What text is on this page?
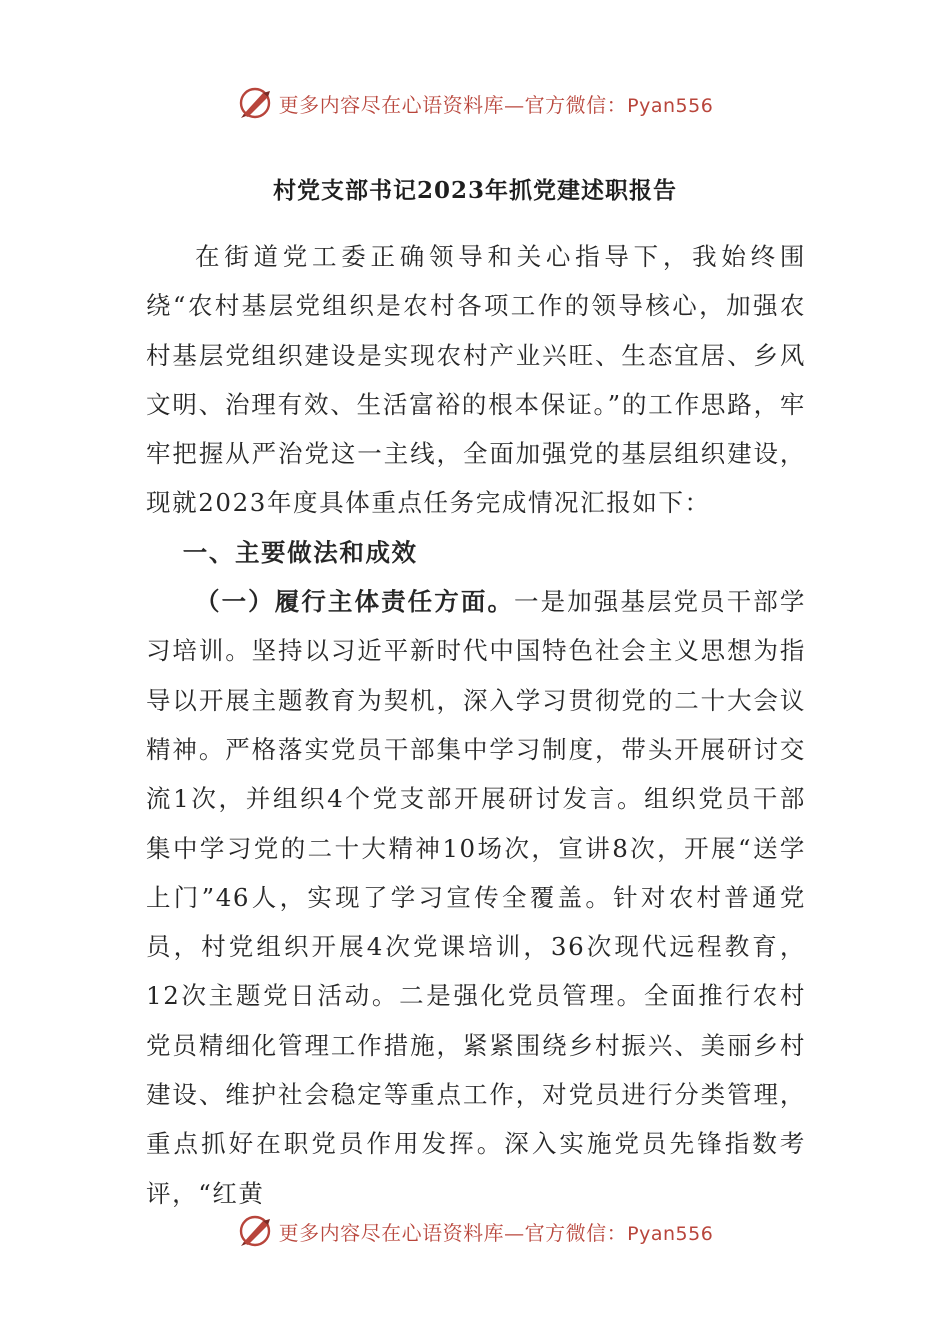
更多内容尽在心语资料库—官方微信：Pyan556
村党支部书记2023年抓党建述职报告

在街道党工委正确领导和关心指导下，我始终围绕“农村基层党组织是农村各项工作的领导核心，加强农村基层党组织建设是实现农村产业兴旺、生态宜居、乡风文明、治理有效、生活富裕的根本保证。”的工作思路，牢牢把握从严治党这一主线，全面加强党的基层组织建设，现就2023年度具体重点任务完成情况汇报如下：

一、主要做法和成效

（一）履行主体责任方面。一是加强基层党员干部学习培训。坚持以习近平新时代中国特色社会主义思想为指导以开展主题教育为契机，深入学习贯彻党的二十大会议精神。严格落实党员干部集中学习制度，带头开展研讨交流1次，并组织4个党支部开展研讨发言。组织党员干部集中学习党的二十大精神10场次，宣讲8次，开展“送学上门”46人，实现了学习宣传全覆盖。针对农村普通党员，村党组织开展4次党课培训，36次现代远程教育，12次主题党日活动。二是强化党员管理。全面推行农村党员精细化管理工作措施，紧紧围绕乡村振兴、美丽乡村建设、维护社会稳定等重点工作，对党员进行分类管理，重点抓好在职党员作用发挥。深入实施党员先锋指数考评，“红黄

更多内容尽在心语资料库—官方微信：Pyan556
